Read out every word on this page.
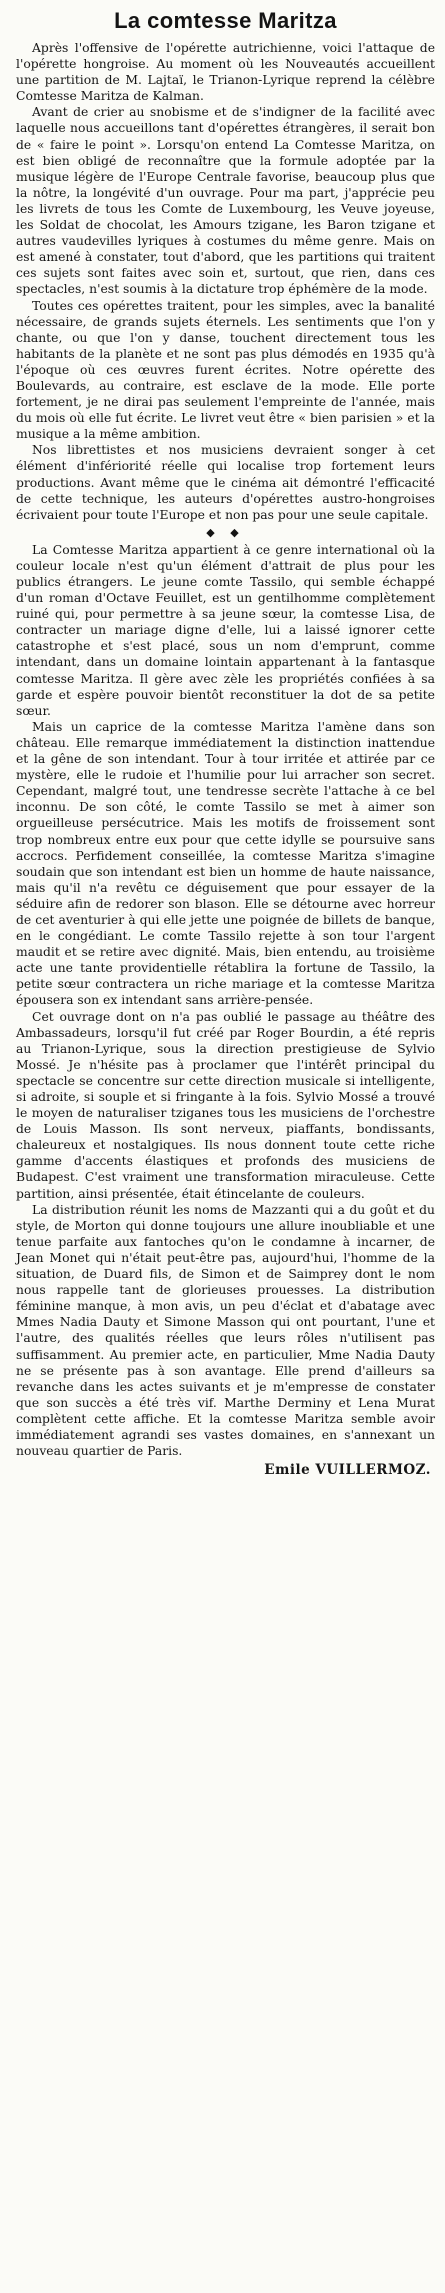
La comtesse Maritza

Après l'offensive de l'opérette autrichienne, voici l'attaque de l'opérette hongroise. Au moment où les Nouveautés accueillent une partition de M. Lajtaï, le Trianon-Lyrique reprend la célèbre Comtesse Maritza de Kalman.

Avant de crier au snobisme et de s'indigner de la facilité avec laquelle nous accueillons tant d'opérettes étrangères, il serait bon de « faire le point ». Lorsqu'on entend La Comtesse Maritza, on est bien obligé de reconnaître que la formule adoptée par la musique légère de l'Europe Centrale favorise, beaucoup plus que la nôtre, la longévité d'un ouvrage. Pour ma part, j'apprécie peu les livrets de tous les Comte de Luxembourg, les Veuve joyeuse, les Soldat de chocolat, les Amours tzigane, les Baron tzigane et autres vaudevilles lyriques à costumes du même genre. Mais on est amené à constater, tout d'abord, que les partitions qui traitent ces sujets sont faites avec soin et, surtout, que rien, dans ces spectacles, n'est soumis à la dictature trop éphémère de la mode.

Toutes ces opérettes traitent, pour les simples, avec la banalité nécessaire, de grands sujets éternels. Les sentiments que l'on y chante, ou que l'on y danse, touchent directement tous les habitants de la planète et ne sont pas plus démodés en 1935 qu'à l'époque où ces œuvres furent écrites. Notre opérette des Boulevards, au contraire, est esclave de la mode. Elle porte fortement, je ne dirai pas seulement l'empreinte de l'année, mais du mois où elle fut écrite. Le livret veut être « bien parisien » et la musique a la même ambition.

Nos librettistes et nos musiciens devraient songer à cet élément d'infériorité réelle qui localise trop fortement leurs productions. Avant même que le cinéma ait démontré l'efficacité de cette technique, les auteurs d'opérettes austro-hongroises écrivaient pour toute l'Europe et non pas pour une seule capitale.

◆ ◆

La Comtesse Maritza appartient à ce genre international où la couleur locale n'est qu'un élément d'attrait de plus pour les publics étrangers. Le jeune comte Tassilo, qui semble échappé d'un roman d'Octave Feuillet, est un gentilhomme complètement ruiné qui, pour permettre à sa jeune sœur, la comtesse Lisa, de contracter un mariage digne d'elle, lui a laissé ignorer cette catastrophe et s'est placé, sous un nom d'emprunt, comme intendant, dans un domaine lointain appartenant à la fantasque comtesse Maritza. Il gère avec zèle les propriétés confiées à sa garde et espère pouvoir bientôt reconstituer la dot de sa petite sœur.

Mais un caprice de la comtesse Maritza l'amène dans son château. Elle remarque immédiatement la distinction inattendue et la gêne de son intendant. Tour à tour irritée et attirée par ce mystère, elle le rudoie et l'humilie pour lui arracher son secret. Cependant, malgré tout, une tendresse secrète l'attache à ce bel inconnu. De son côté, le comte Tassilo se met à aimer son orgueilleuse persécutrice. Mais les motifs de froissement sont trop nombreux entre eux pour que cette idylle se poursuive sans accrocs. Perfidement conseillée, la comtesse Maritza s'imagine soudain que son intendant est bien un homme de haute naissance, mais qu'il n'a revêtu ce déguisement que pour essayer de la séduire afin de redorer son blason. Elle se détourne avec horreur de cet aventurier à qui elle jette une poignée de billets de banque, en le congédiant. Le comte Tassilo rejette à son tour l'argent maudit et se retire avec dignité. Mais, bien entendu, au troisième acte une tante providentielle rétablira la fortune de Tassilo, la petite sœur contractera un riche mariage et la comtesse Maritza épousera son ex intendant sans arrière-pensée.

Cet ouvrage dont on n'a pas oublié le passage au théâtre des Ambassadeurs, lorsqu'il fut créé par Roger Bourdin, a été repris au Trianon-Lyrique, sous la direction prestigieuse de Sylvio Mossé. Je n'hésite pas à proclamer que l'intérêt principal du spectacle se concentre sur cette direction musicale si intelligente, si adroite, si souple et si fringante à la fois. Sylvio Mossé a trouvé le moyen de naturaliser tziganes tous les musiciens de l'orchestre de Louis Masson. Ils sont nerveux, piaffants, bondissants, chaleureux et nostalgiques. Ils nous donnent toute cette riche gamme d'accents élastiques et profonds des musiciens de Budapest. C'est vraiment une transformation miraculeuse. Cette partition, ainsi présentée, était étincelante de couleurs.

La distribution réunit les noms de Mazzanti qui a du goût et du style, de Morton qui donne toujours une allure inoubliable et une tenue parfaite aux fantoches qu'on le condamne à incarner, de Jean Monet qui n'était peut-être pas, aujourd'hui, l'homme de la situation, de Duard fils, de Simon et de Saimprey dont le nom nous rappelle tant de glorieuses prouesses. La distribution féminine manque, à mon avis, un peu d'éclat et d'abatage avec Mmes Nadia Dauty et Simone Masson qui ont pourtant, l'une et l'autre, des qualités réelles que leurs rôles n'utilisent pas suffisamment. Au premier acte, en particulier, Mme Nadia Dauty ne se présente pas à son avantage. Elle prend d'ailleurs sa revanche dans les actes suivants et je m'empresse de constater que son succès a été très vif. Marthe Derminy et Lena Murat complètent cette affiche. Et la comtesse Maritza semble avoir immédiatement agrandi ses vastes domaines, en s'annexant un nouveau quartier de Paris.

Emile VUILLERMOZ.
